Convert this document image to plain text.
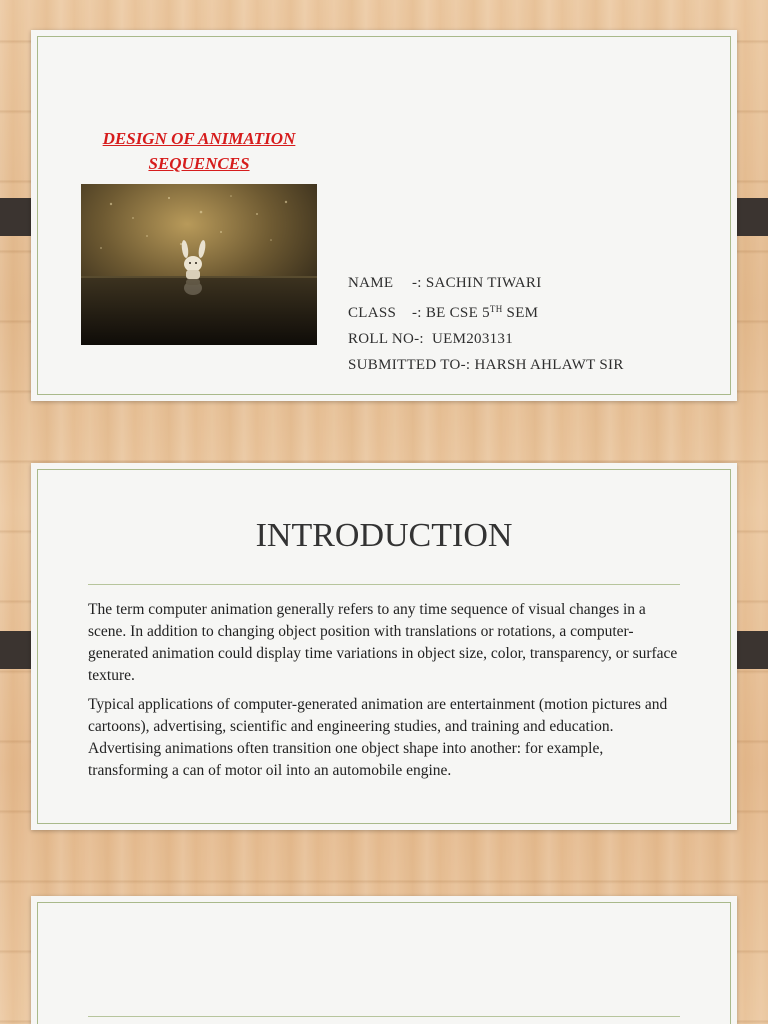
DESIGN OF ANIMATION
SEQUENCES
NAME -: SACHIN TIWARI
CLASS -: BE CSE 5TH SEM
ROLL NO-:  UEM203131
SUBMITTED TO-: HARSH AHLAWT SIR
INTRODUCTION

The term computer animation generally refers to any time sequence of visual changes in a scene. In addition to changing object position with translations or rotations, a computer-generated animation could display time variations in object size, color, transparency, or surface texture.

Typical applications of computer-generated animation are entertainment (motion pictures and cartoons), advertising, scientific and engineering studies, and training and education. Advertising animations often transition one object shape into another: for example, transforming a can of motor oil into an automobile engine.
